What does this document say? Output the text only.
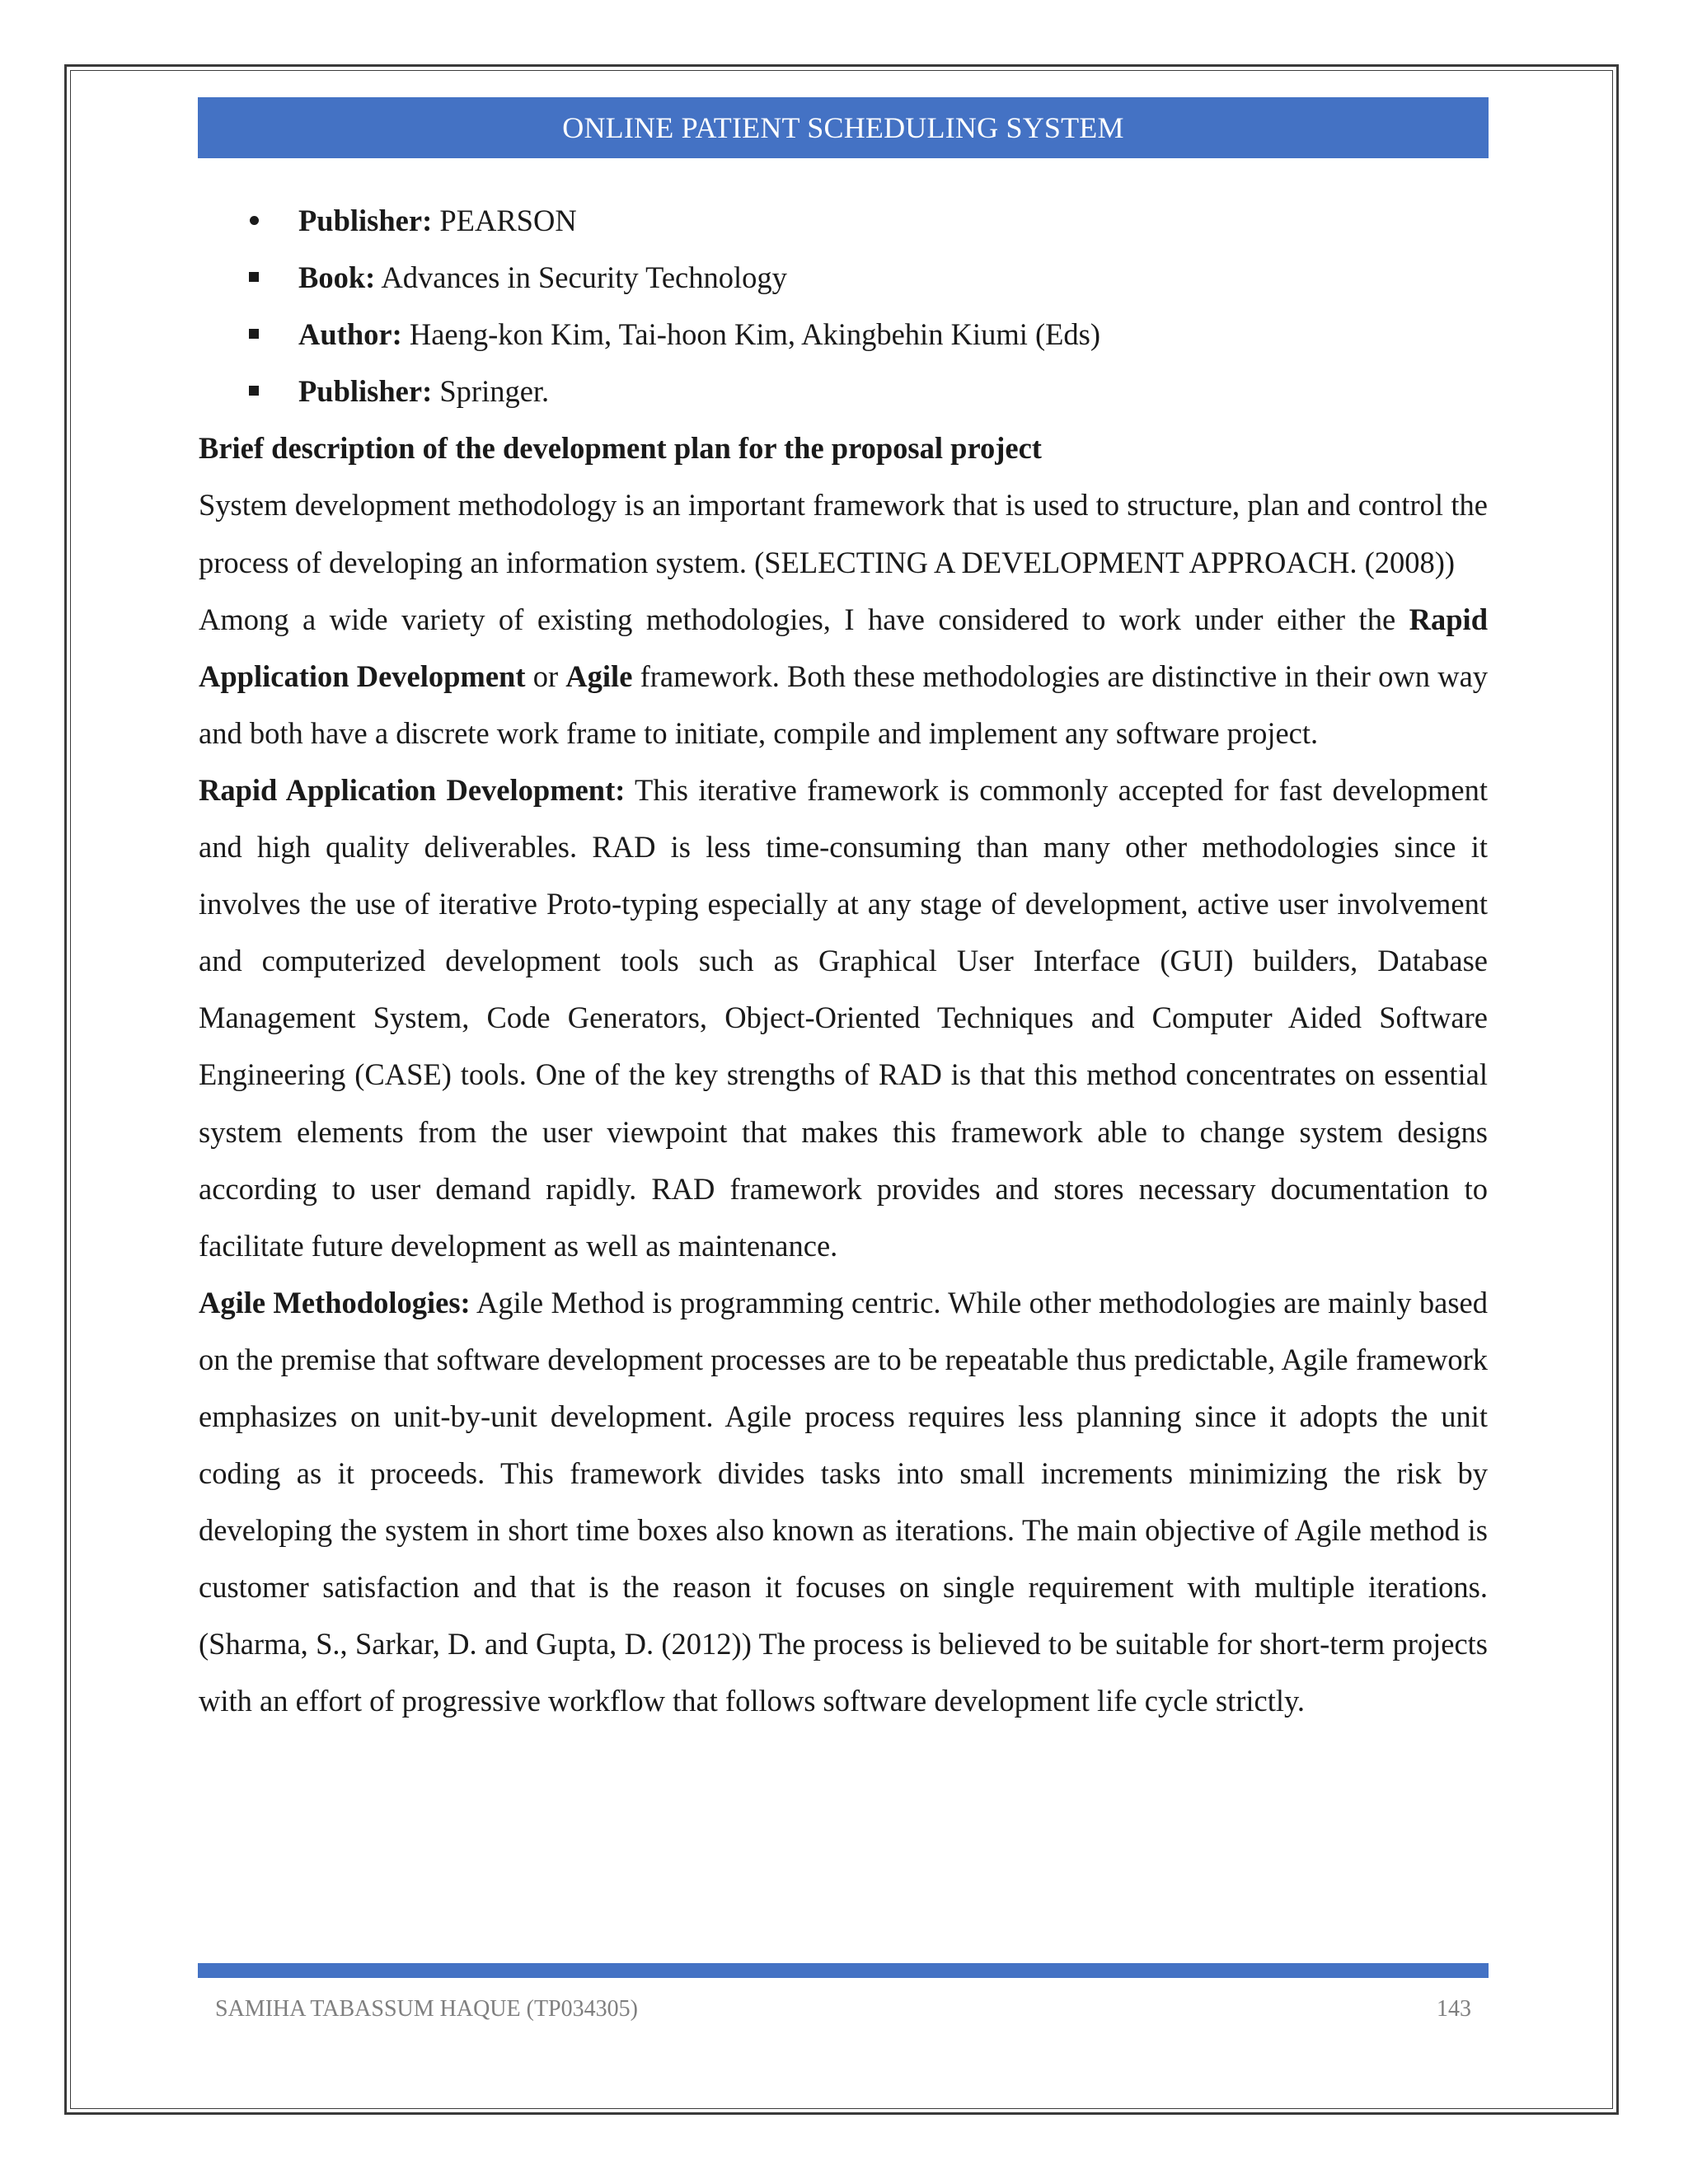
ONLINE PATIENT SCHEDULING SYSTEM
Publisher: PEARSON
Book: Advances in Security Technology
Author: Haeng-kon Kim, Tai-hoon Kim, Akingbehin Kiumi (Eds)
Publisher: Springer.

Brief description of the development plan for the proposal project

System development methodology is an important framework that is used to structure, plan and control the process of developing an information system. (SELECTING A DEVELOPMENT APPROACH. (2008))

Among a wide variety of existing methodologies, I have considered to work under either the Rapid Application Development or Agile framework. Both these methodologies are distinctive in their own way and both have a discrete work frame to initiate, compile and implement any software project.

Rapid Application Development: This iterative framework is commonly accepted for fast development and high quality deliverables. RAD is less time-consuming than many other methodologies since it involves the use of iterative Proto-typing especially at any stage of development, active user involvement and computerized development tools such as Graphical User Interface (GUI) builders, Database Management System, Code Generators, Object-Oriented Techniques and Computer Aided Software Engineering (CASE) tools. One of the key strengths of RAD is that this method concentrates on essential system elements from the user viewpoint that makes this framework able to change system designs according to user demand rapidly. RAD framework provides and stores necessary documentation to facilitate future development as well as maintenance.

Agile Methodologies: Agile Method is programming centric. While other methodologies are mainly based on the premise that software development processes are to be repeatable thus predictable, Agile framework emphasizes on unit-by-unit development. Agile process requires less planning since it adopts the unit coding as it proceeds. This framework divides tasks into small increments minimizing the risk by developing the system in short time boxes also known as iterations. The main objective of Agile method is customer satisfaction and that is the reason it focuses on single requirement with multiple iterations. (Sharma, S., Sarkar, D. and Gupta, D. (2012)) The process is believed to be suitable for short-term projects with an effort of progressive workflow that follows software development life cycle strictly.

SAMIHA TABASSUM HAQUE (TP034305)	143
